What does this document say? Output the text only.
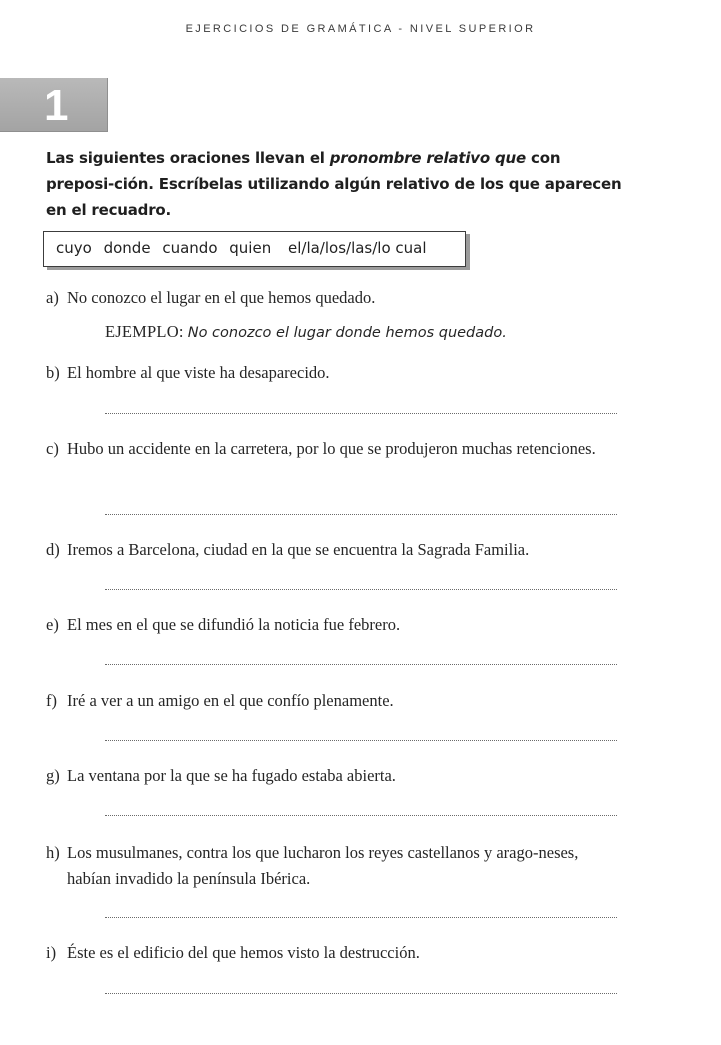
EJERCICIOS DE GRAMÁTICA - NIVEL SUPERIOR
1
Las siguientes oraciones llevan el pronombre relativo que con preposi-ción. Escríbelas utilizando algún relativo de los que aparecen en el recuadro.
cuyo donde cuando quien el/la/los/las/lo cual
a) No conozco el lugar en el que hemos quedado.
EJEMPLO: No conozco el lugar donde hemos quedado.
b) El hombre al que viste ha desaparecido.
c) Hubo un accidente en la carretera, por lo que se produjeron muchas retenciones.
d) Iremos a Barcelona, ciudad en la que se encuentra la Sagrada Familia.
e) El mes en el que se difundió la noticia fue febrero.
f) Iré a ver a un amigo en el que confío plenamente.
g) La ventana por la que se ha fugado estaba abierta.
h) Los musulmanes, contra los que lucharon los reyes castellanos y arago-neses, habían invadido la península Ibérica.
i) Éste es el edificio del que hemos visto la destrucción.
